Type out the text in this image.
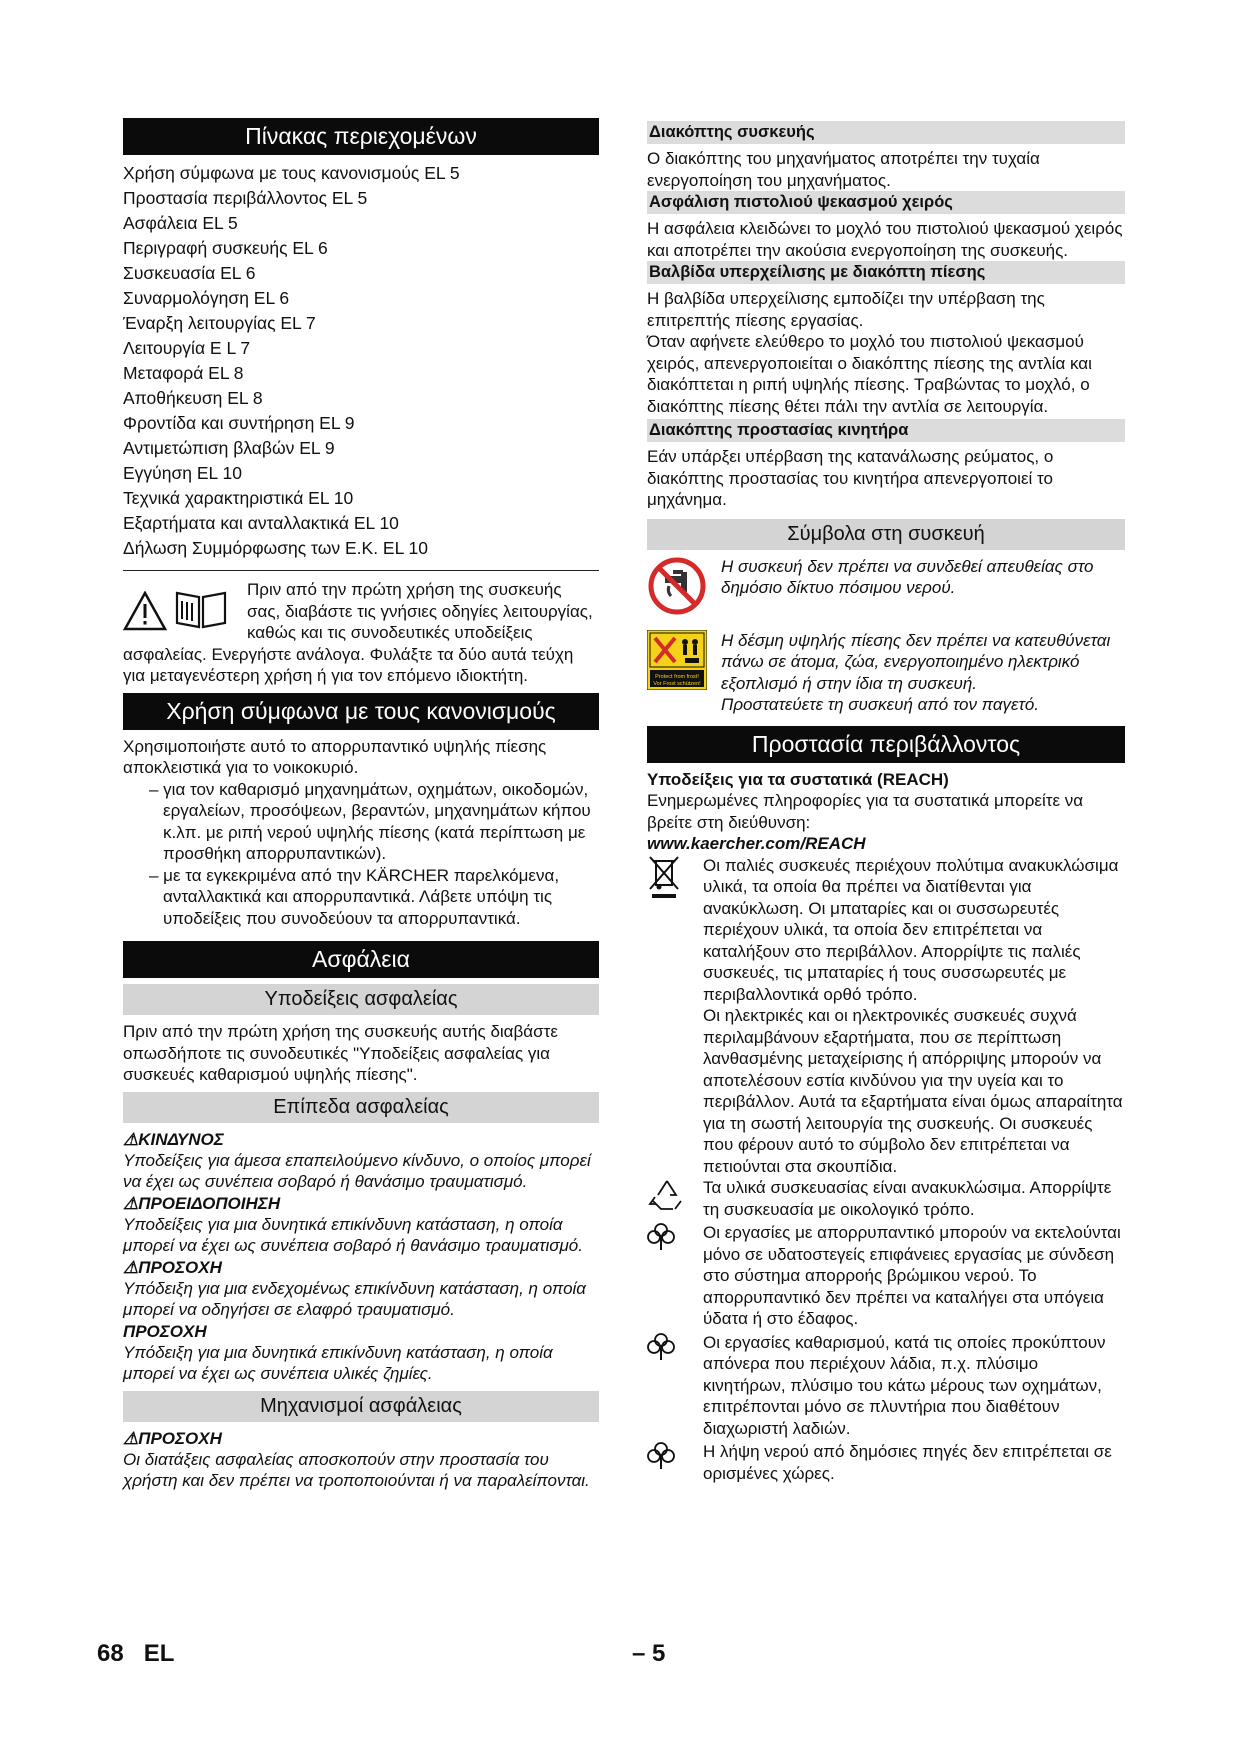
Πίνακας περιεχομένων
Χρήση σύμφωνα με τους κανονισμούς EL 5
Προστασία περιβάλλοντος EL 5
Ασφάλεια EL 5
Περιγραφή συσκευής EL 6
Συσκευασία EL 6
Συναρμολόγηση EL 6
Έναρξη λειτουργίας EL 7
Λειτουργία E L 7
Μεταφορά EL 8
Αποθήκευση EL 8
Φροντίδα και συντήρηση EL 9
Αντιμετώπιση βλαβών EL 9
Εγγύηση EL 10
Τεχνικά χαρακτηριστικά EL 10
Εξαρτήματα και ανταλλακτικά EL 10
Δήλωση Συμμόρφωσης των Ε.Κ. EL 10

Πριν από την πρώτη χρήση της συσκευής σας, διαβάστε τις γνήσιες οδηγίες λειτουργίας, καθώς και τις συνοδευτικές υποδείξεις ασφαλείας. Ενεργήστε ανάλογα. Φυλάξτε τα δύο αυτά τεύχη για μεταγενέστερη χρήση ή για τον επόμενο ιδιοκτήτη.

Χρήση σύμφωνα με τους κανονισμούς

Χρησιμοποιήστε αυτό το απορρυπαντικό υψηλής πίεσης αποκλειστικά για το νοικοκυριό.

– για τον καθαρισμό μηχανημάτων, οχημάτων, οικοδομών, εργαλείων, προσόψεων, βεραντών, μηχανημάτων κήπου κ.λπ. με ριπή νερού υψηλής πίεσης (κατά περίπτωση με προσθήκη απορρυπαντικών).

– με τα εγκεκριμένα από την KÄRCHER παρελκόμενα, ανταλλακτικά και απορρυπαντικά. Λάβετε υπόψη τις υποδείξεις που συνοδεύουν τα απορρυπαντικά.

Ασφάλεια
Υποδείξεις ασφαλείας

Πριν από την πρώτη χρήση της συσκευής αυτής διαβάστε οπωσδήποτε τις συνοδευτικές "Υποδείξεις ασφαλείας για συσκευές καθαρισμού υψηλής πίεσης".

Επίπεδα ασφαλείας
⚠ΚΙΝΔΥΝΟΣ

Υποδείξεις για άμεσα επαπειλούμενο κίνδυνο, ο οποίος μπορεί να έχει ως συνέπεια σοβαρό ή θανάσιμο τραυματισμό.

⚠ΠΡΟΕΙΔΟΠΟΙΗΣΗ

Υποδείξεις για μια δυνητικά επικίνδυνη κατάσταση, η οποία μπορεί να έχει ως συνέπεια σοβαρό ή θανάσιμο τραυματισμό.

⚠ΠΡΟΣΟΧΗ

Υπόδειξη για μια ενδεχομένως επικίνδυνη κατάσταση, η οποία μπορεί να οδηγήσει σε ελαφρό τραυματισμό.

ΠΡΟΣΟΧΗ

Υπόδειξη για μια δυνητικά επικίνδυνη κατάσταση, η οποία μπορεί να έχει ως συνέπεια υλικές ζημίες.

Μηχανισμοί ασφάλειας
⚠ΠΡΟΣΟΧΗ

Οι διατάξεις ασφαλείας αποσκοπούν στην προστασία του χρήστη και δεν πρέπει να τροποποιούνται ή να παραλείπονται.

Διακόπτης συσκευής

Ο διακόπτης του μηχανήματος αποτρέπει την τυχαία ενεργοποίηση του μηχανήματος.

Ασφάλιση πιστολιού ψεκασμού χειρός

Η ασφάλεια κλειδώνει το μοχλό του πιστολιού ψεκασμού χειρός και αποτρέπει την ακούσια ενεργοποίηση της συσκευής.

Βαλβίδα υπερχείλισης με διακόπτη πίεσης

Η βαλβίδα υπερχείλισης εμποδίζει την υπέρβαση της επιτρεπτής πίεσης εργασίας.

Όταν αφήνετε ελεύθερο το μοχλό του πιστολιού ψεκασμού χειρός, απενεργοποιείται ο διακόπτης πίεσης της αντλία και διακόπτεται η ριπή υψηλής πίεσης. Τραβώντας το μοχλό, ο διακόπτης πίεσης θέτει πάλι την αντλία σε λειτουργία.

Διακόπτης προστασίας κινητήρα

Εάν υπάρξει υπέρβαση της κατανάλωσης ρεύματος, ο διακόπτης προστασίας του κινητήρα απενεργοποιεί το μηχάνημα.

Σύμβολα στη συσκευή

Η συσκευή δεν πρέπει να συνδεθεί απευθείας στο δημόσιο δίκτυο πόσιμου νερού.

Protect from frost!
Vor Frost schützen!

Η δέσμη υψηλής πίεσης δεν πρέπει να κατευθύνεται πάνω σε άτομα, ζώα, ενεργοποιημένο ηλεκτρικό εξοπλισμό ή στην ίδια τη συσκευή.

Προστατεύετε τη συσκευή από τον παγετό.

Προστασία περιβάλλοντος

Υποδείξεις για τα συστατικά (REACH)

Ενημερωμένες πληροφορίες για τα συστατικά μπορείτε να βρείτε στη διεύθυνση:

www.kaercher.com/REACH

Οι παλιές συσκευές περιέχουν πολύτιμα ανακυκλώσιμα υλικά, τα οποία θα πρέπει να διατίθενται για ανακύκλωση. Οι μπαταρίες και οι συσσωρευτές περιέχουν υλικά, τα οποία δεν επιτρέπεται να καταλήξουν στο περιβάλλον. Απορρίψτε τις παλιές συσκευές, τις μπαταρίες ή τους συσσωρευτές με περιβαλλοντικά ορθό τρόπο.

Οι ηλεκτρικές και οι ηλεκτρονικές συσκευές συχνά περιλαμβάνουν εξαρτήματα, που σε περίπτωση λανθασμένης μεταχείρισης ή απόρριψης μπορούν να αποτελέσουν εστία κινδύνου για την υγεία και το περιβάλλον. Αυτά τα εξαρτήματα είναι όμως απαραίτητα για τη σωστή λειτουργία της συσκευής. Οι συσκευές που φέρουν αυτό το σύμβολο δεν επιτρέπεται να πετιούνται στα σκουπίδια.

Τα υλικά συσκευασίας είναι ανακυκλώσιμα. Απορρίψτε τη συσκευασία με οικολογικό τρόπο.

Οι εργασίες με απορρυπαντικό μπορούν να εκτελούνται μόνο σε υδατοστεγείς επιφάνειες εργασίας με σύνδεση στο σύστημα απορροής βρώμικου νερού. Το απορρυπαντικό δεν πρέπει να καταλήγει στα υπόγεια ύδατα ή στο έδαφος.

Οι εργασίες καθαρισμού, κατά τις οποίες προκύπτουν απόνερα που περιέχουν λάδια, π.χ. πλύσιμο κινητήρων, πλύσιμο του κάτω μέρους των οχημάτων, επιτρέπονται μόνο σε πλυντήρια που διαθέτουν διαχωριστή λαδιών.

Η λήψη νερού από δημόσιες πηγές δεν επιτρέπεται σε ορισμένες χώρες.

68 EL	– 5
